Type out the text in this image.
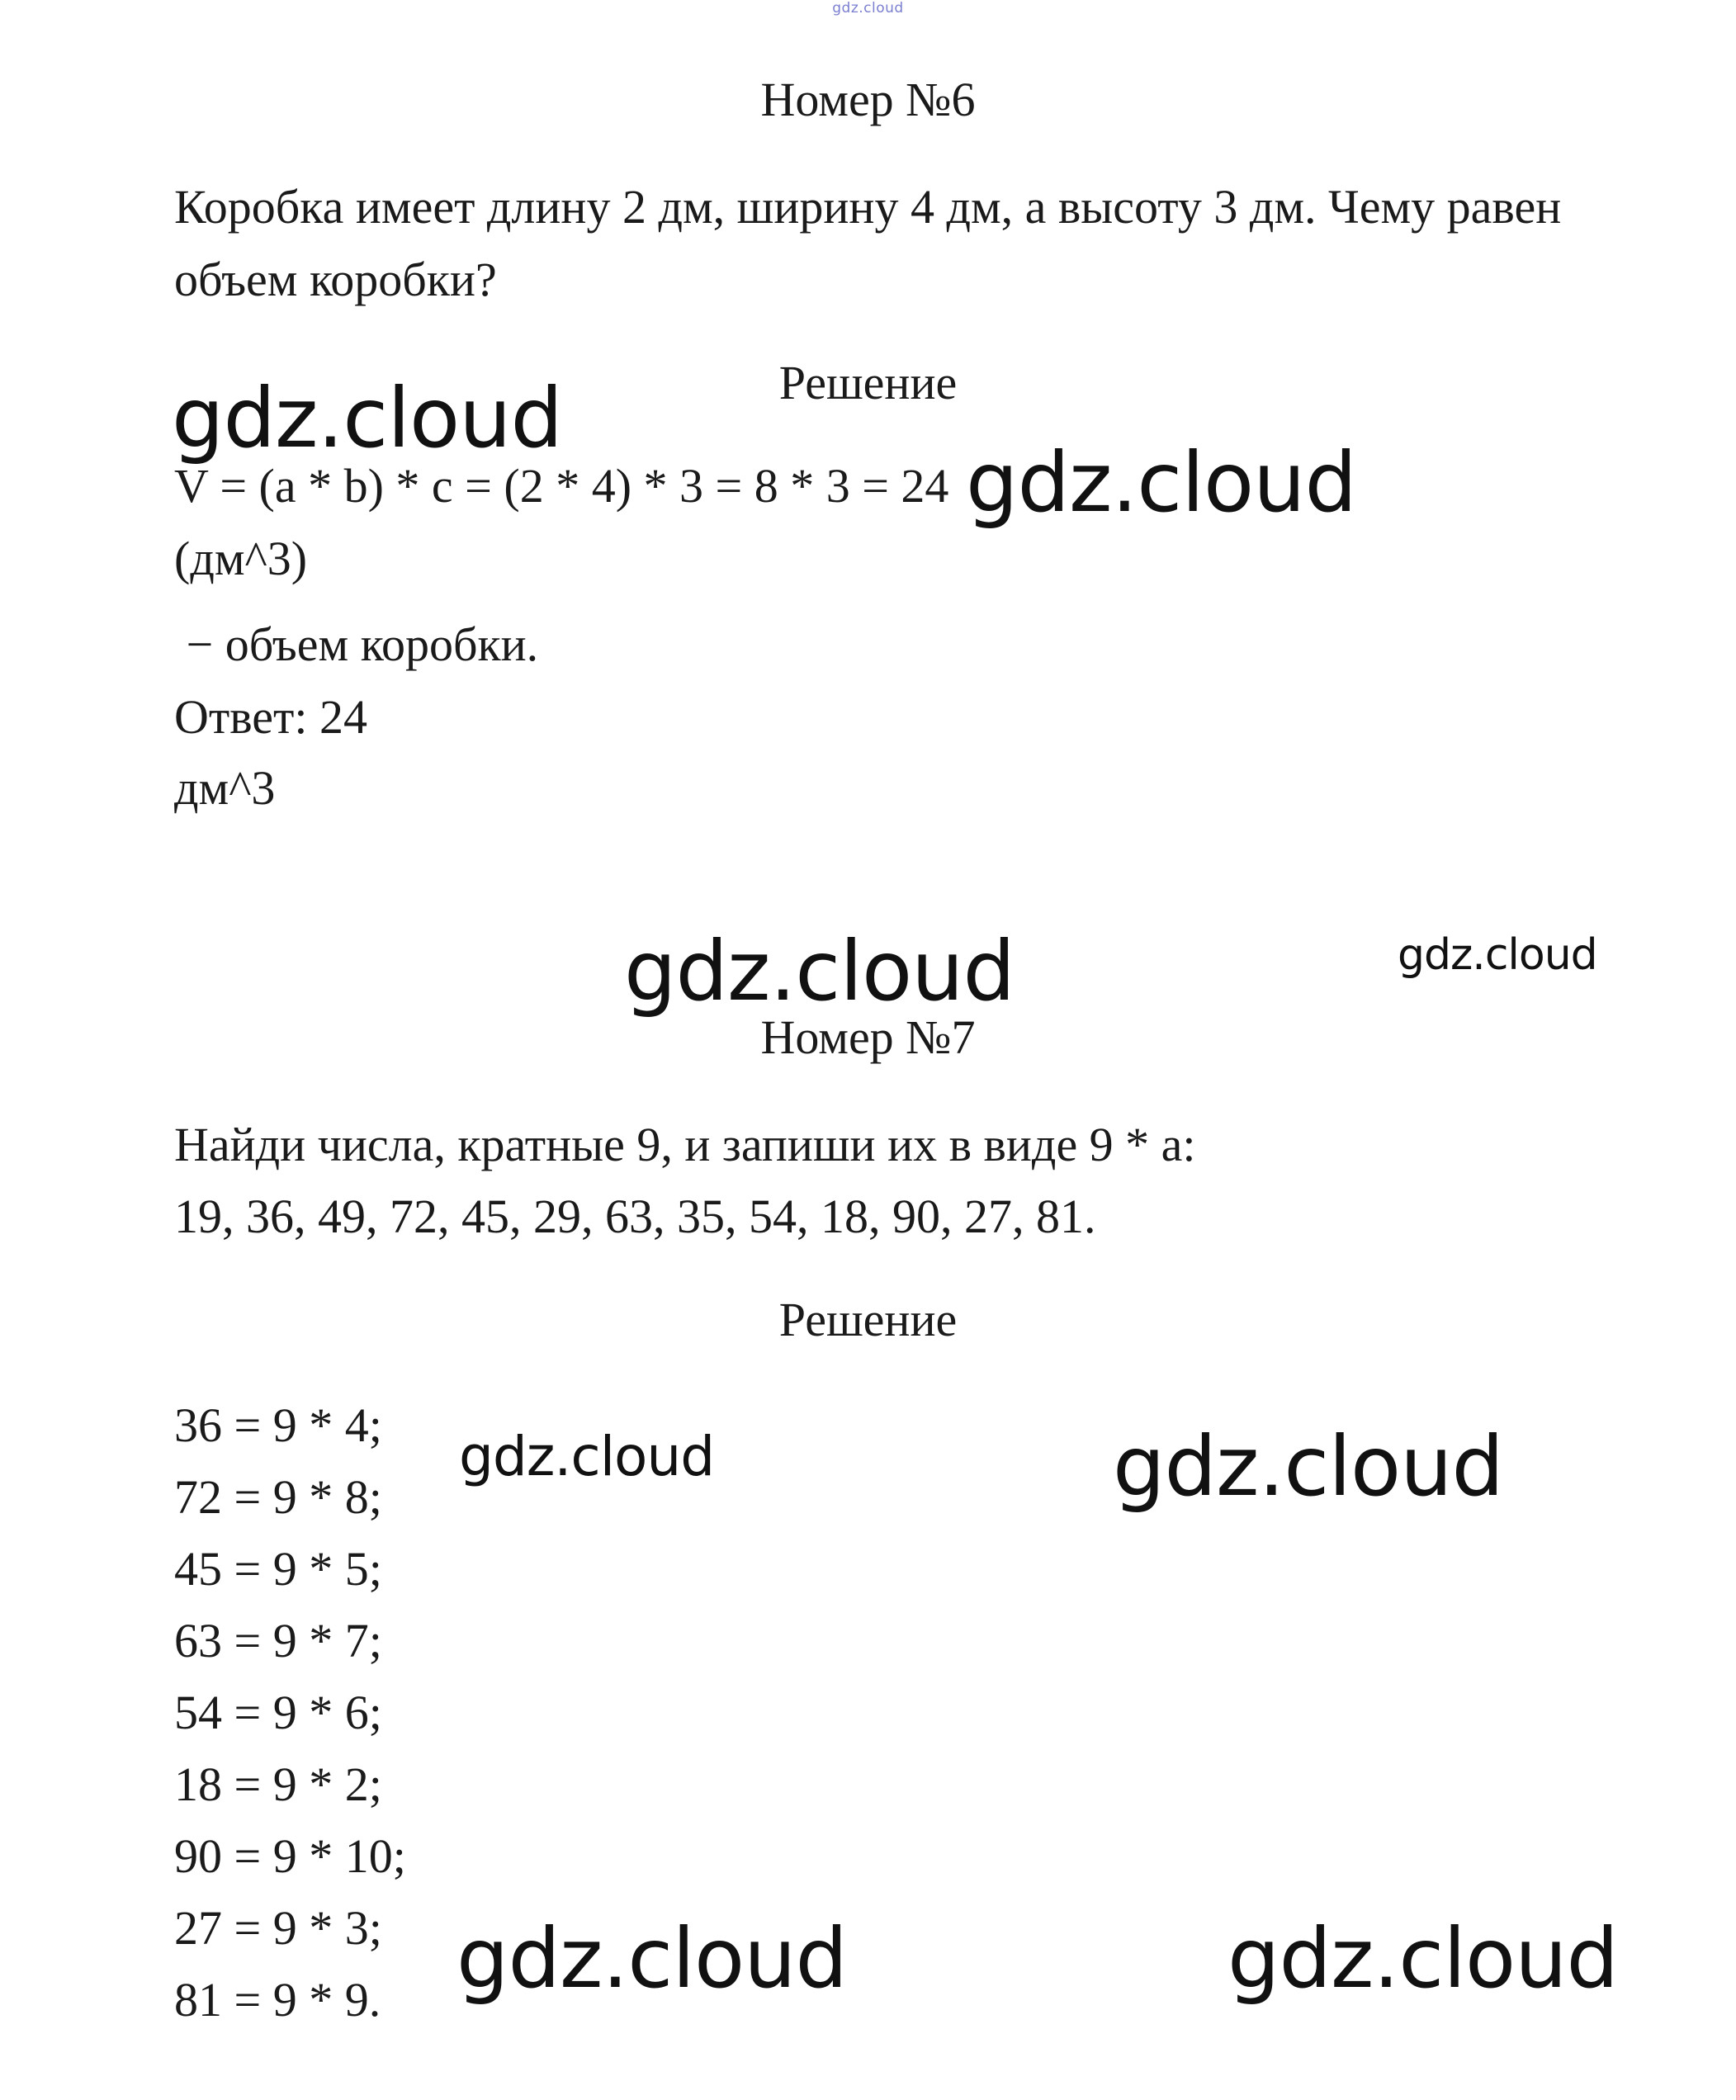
gdz.cloud
Номер №6
Коробка имеет длину 2 дм, ширину 4 дм, а высоту 3 дм. Чему равен
объем коробки?
Решение
V = (a * b) * c = (2 * 4) * 3 = 8 * 3 = 24
(дм^3)
− объем коробки.
Ответ: 24
дм^3
Номер №7
Найди числа, кратные 9, и запиши их в виде 9 * а:
19, 36, 49, 72, 45, 29, 63, 35, 54, 18, 90, 27, 81.
Решение
36 = 9 * 4;
72 = 9 * 8;
45 = 9 * 5;
63 = 9 * 7;
54 = 9 * 6;
18 = 9 * 2;
90 = 9 * 10;
27 = 9 * 3;
81 = 9 * 9.
gdz.cloud
gdz.cloud
gdz.cloud	gdz.cloud
gdz.cloud	gdz.cloud
gdz.cloud	gdz.cloud
